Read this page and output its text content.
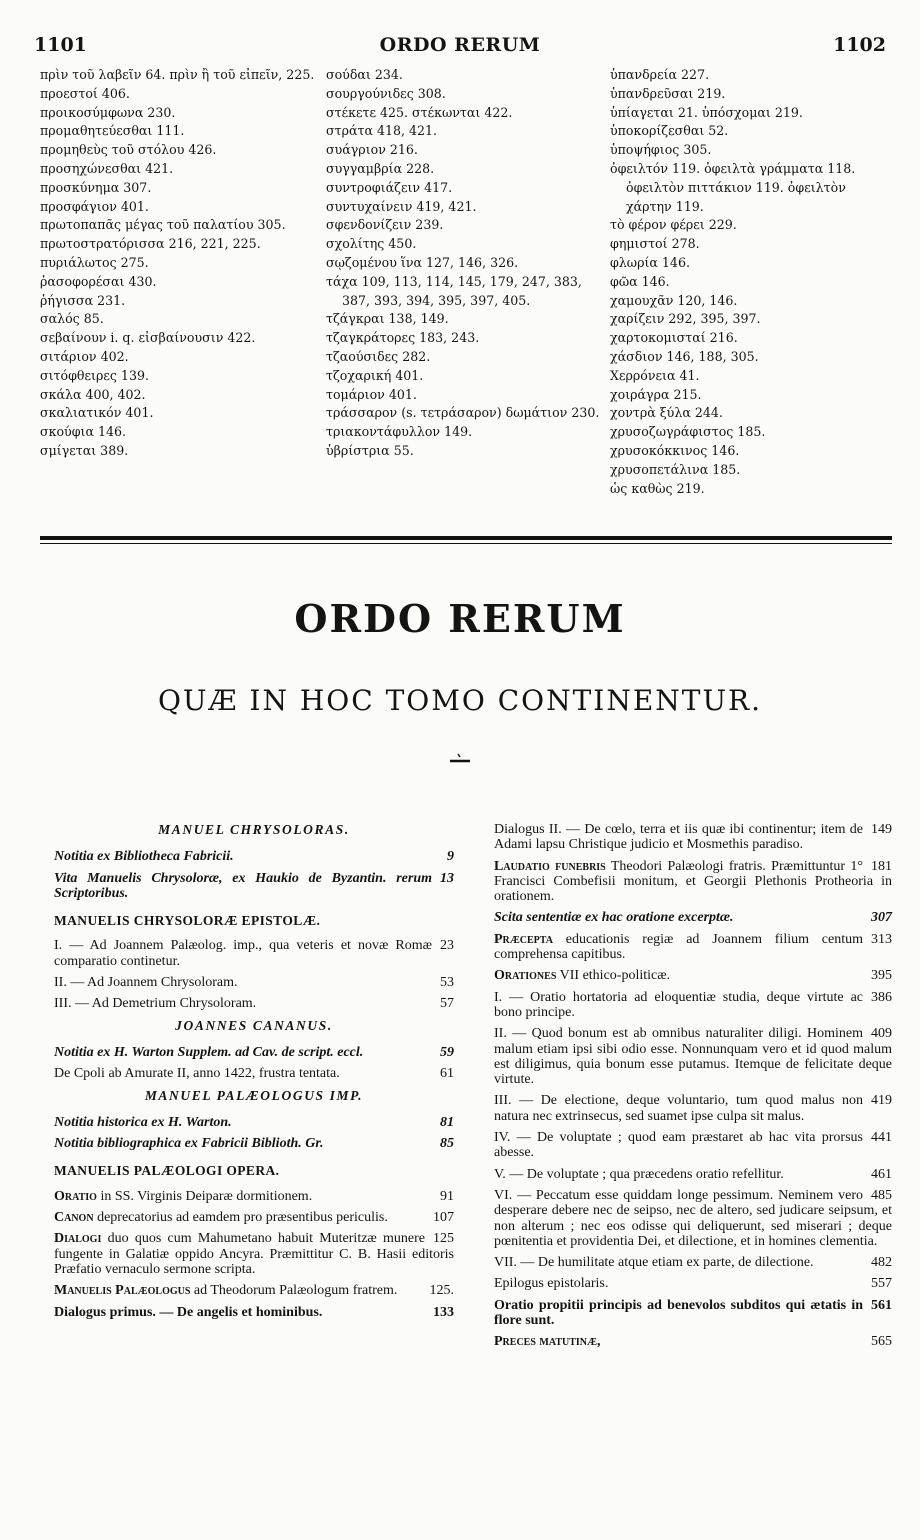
1101	ORDO RERUM	1102
πρὶν τοῦ λαβεῖν 64. πρὶν ἢ τοῦ εἰπεῖν, 225.
προεστοί 406.
προικοσύμφωνα 230.
προμαθητεύεσθαι 111.
προμηθεὺς τοῦ στόλου 426.
προσηχώνεσθαι 421.
προσκύνημα 307.
προσφάγιον 401.
πρωτοπαπᾶς μέγας τοῦ παλατίου 305.
πρωτοστρατόρισσα 216, 221, 225.
πυριάλωτος 275.
ῥασοφορέσαι 430.
ῥήγισσα 231.
σαλός 85.
σεβαίνουν i. q. εἰσβαίνουσιν 422.
σιτάριον 402.
σιτόφθειρες 139.
σκάλα 400, 402.
σκαλιατικόν 401.
σκούφια 146.
σμίγεται 389.
σούδαι 234.
σουργούνιδες 308.
στέκετε 425. στέκωνται 422.
στράτα 418, 421.
συάγριον 216.
συγγαμβρία 228.
συντροφιάζειν 417.
συντυχαίνειν 419, 421.
σφενδονίζειν 239.
σχολίτης 450.
σῳζομένου ἵνα 127, 146, 326.
τάχα 109, 113, 114, 145, 179, 247, 383, 387, 393, 394, 395, 397, 405.
τζάγκραι 138, 149.
τζαγκράτορες 183, 243.
τζαούσιδες 282.
τζοχαρική 401.
τομάριον 401.
τράσσαρον (s. τετράσαρον) δωμάτιον 230.
τριακοντάφυλλον 149.
ὑβρίστρια 55.
ὑπανδρεία 227.
ὑπανδρεῦσαι 219.
ὑπίαγεται 21. ὑπόσχομαι 219.
ὑποκορίζεσθαι 52.
ὑποψήφιος 305.
ὀφειλτόν 119. ὀφειλτὰ γράμματα 118. ὀφειλτὸν πιττάκιον 119. ὀφειλτὸν χάρτην 119.
τὸ φέρον φέρει 229.
φημιστοί 278.
φλωρία 146.
φῶα 146.
χαμουχᾶν 120, 146.
χαρίζειν 292, 395, 397.
χαρτοκομισταί 216.
χάσδιον 146, 188, 305.
Χερρόνεια 41.
χοιράγρα 215.
χοντρὰ ξύλα 244.
χρυσοζωγράφιστος 185.
χρυσοκόκκινος 146.
χρυσοπετάλινα 185.
ὡς καθὼς 219.
ORDO RERUM
QUÆ IN HOC TOMO CONTINENTUR.
MANUEL CHRYSOLORAS.
9
Notitia ex Bibliotheca Fabricii.
13
Vita Manuelis Chrysoloræ, ex Haukio de Byzantin. rerum Scriptoribus.
MANUELIS CHRYSOLORÆ EPISTOLÆ.
23
I. — Ad Joannem Palæolog. imp., qua veteris et novæ Romæ comparatio continetur.
53
II. — Ad Joannem Chrysoloram.
57
III. — Ad Demetrium Chrysoloram.
JOANNES CANANUS.
59
Notitia ex H. Warton Supplem. ad Cav. de script. eccl.
61
De Cpoli ab Amurate II, anno 1422, frustra tentata.
MANUEL PALÆOLOGUS IMP.
81
Notitia historica ex H. Warton.
85
Notitia bibliographica ex Fabricii Biblioth. Gr.
MANUELIS PALÆOLOGI OPERA.
91
Oratio in SS. Virginis Deiparæ dormitionem.
107
Canon deprecatorius ad eamdem pro præsentibus periculis.
125
Dialogi duo quos cum Mahumetano habuit Muteritzæ munere fungente in Galatiæ oppido Ancyra. Præmittitur C. B. Hasii editoris Præfatio vernaculo sermone scripta.
125.
Manuelis Palæologus ad Theodorum Palæologum fratrem.
133
Dialogus primus. — De angelis et hominibus.
149
Dialogus II. — De cœlo, terra et iis quæ ibi continentur; item de Adami lapsu Christique judicio et Mosmethis paradiso.
181
Laudatio funebris Theodori Palæologi fratris. Præmittuntur 1° Francisci Combefisii monitum, et Georgii Plethonis Protheoria in orationem.
307
Scita sententiæ ex hac oratione excerptæ.
313
Præcepta educationis regiæ ad Joannem filium centum comprehensa capitibus.
395
Orationes VII ethico-politicæ.
386
I. — Oratio hortatoria ad eloquentiæ studia, deque virtute ac bono principe.
409
II. — Quod bonum est ab omnibus naturaliter diligi. Hominem malum etiam ipsi sibi odio esse. Nonnunquam vero et id quod malum est diligimus, quia bonum esse putamus. Itemque de felicitate deque virtute.
419
III. — De electione, deque voluntario, tum quod malus non natura nec extrinsecus, sed suamet ipse culpa sit malus.
441
IV. — De voluptate ; quod eam præstaret ab hac vita prorsus abesse.
461
V. — De voluptate ; qua præcedens oratio refellitur.
485
VI. — Peccatum esse quiddam longe pessimum. Neminem vero desperare debere nec de seipso, nec de altero, sed judicare seipsum, et non alterum ; nec eos odisse qui deliquerunt, sed miserari ; deque pœnitentia et providentia Dei, et dilectione, et in homines clementia.
482
VII. — De humilitate atque etiam ex parte, de dilectione.
557
Epilogus epistolaris.
561
Oratio propitii principis ad benevolos subditos qui ætatis in flore sunt.
565
Preces matutinæ,
